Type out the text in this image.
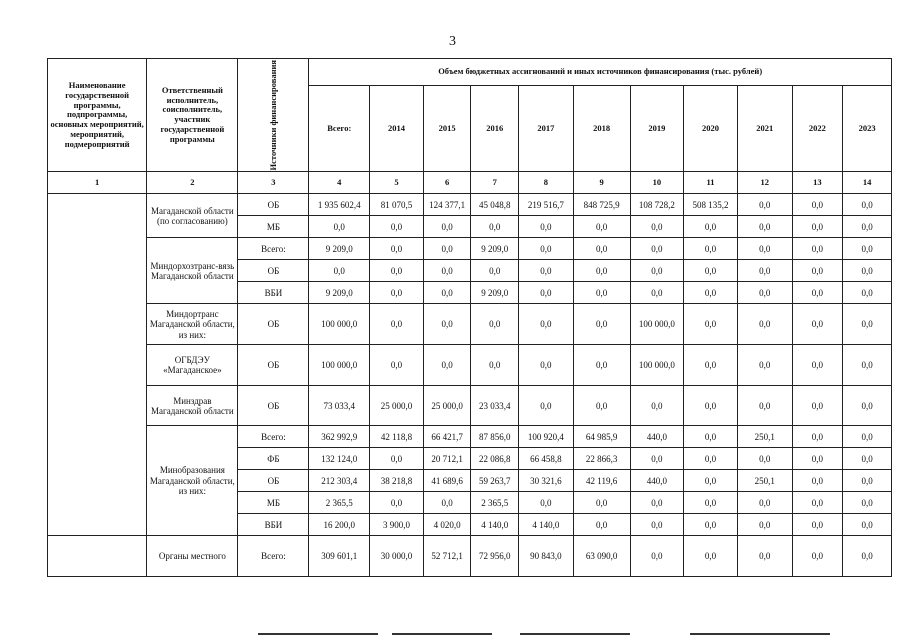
3
Наименование государственной программы, подпрограммы, основных мероприятий, мероприятий, подмероприятий	Ответственный исполнитель, соисполнитель, участник государственной программы	Источники финансирования	Объем бюджетных ассигнований и иных источников финансирования (тыс. рублей)										
			Всего:	2014	2015	2016	2017	2018	2019	2020	2021	2022	2023
1	2	3	4	5	6	7	8	9	10	11	12	13	14
	Магаданской области (по согласованию)	ОБ	1 935 602,4	81 070,5	124 377,1	45 048,8	219 516,7	848 725,9	108 728,2	508 135,2	0,0	0,0	0,0
		МБ	0,0	0,0	0,0	0,0	0,0	0,0	0,0	0,0	0,0	0,0	0,0
	Миндорхозтранс-вязь Магаданской области	Всего:	9 209,0	0,0	0,0	9 209,0	0,0	0,0	0,0	0,0	0,0	0,0	0,0
		ОБ	0,0	0,0	0,0	0,0	0,0	0,0	0,0	0,0	0,0	0,0	0,0
		ВБИ	9 209,0	0,0	0,0	9 209,0	0,0	0,0	0,0	0,0	0,0	0,0	0,0
	Миндортранс Магаданской области, из них:	ОБ	100 000,0	0,0	0,0	0,0	0,0	0,0	100 000,0	0,0	0,0	0,0	0,0
	ОГБДЭУ «Магаданское»	ОБ	100 000,0	0,0	0,0	0,0	0,0	0,0	100 000,0	0,0	0,0	0,0	0,0
	Минздрав Магаданской области	ОБ	73 033,4	25 000,0	25 000,0	23 033,4	0,0	0,0	0,0	0,0	0,0	0,0	0,0
	Минобразования Магаданской области, из них:	Всего:	362 992,9	42 118,8	66 421,7	87 856,0	100 920,4	64 985,9	440,0	0,0	250,1	0,0	0,0
		ФБ	132 124,0	0,0	20 712,1	22 086,8	66 458,8	22 866,3	0,0	0,0	0,0	0,0	0,0
		ОБ	212 303,4	38 218,8	41 689,6	59 263,7	30 321,6	42 119,6	440,0	0,0	250,1	0,0	0,0
		МБ	2 365,5	0,0	0,0	2 365,5	0,0	0,0	0,0	0,0	0,0	0,0	0,0
		ВБИ	16 200,0	3 900,0	4 020,0	4 140,0	4 140,0	0,0	0,0	0,0	0,0	0,0	0,0
	Органы местного	Всего:	309 601,1	30 000,0	52 712,1	72 956,0	90 843,0	63 090,0	0,0	0,0	0,0	0,0	0,0
